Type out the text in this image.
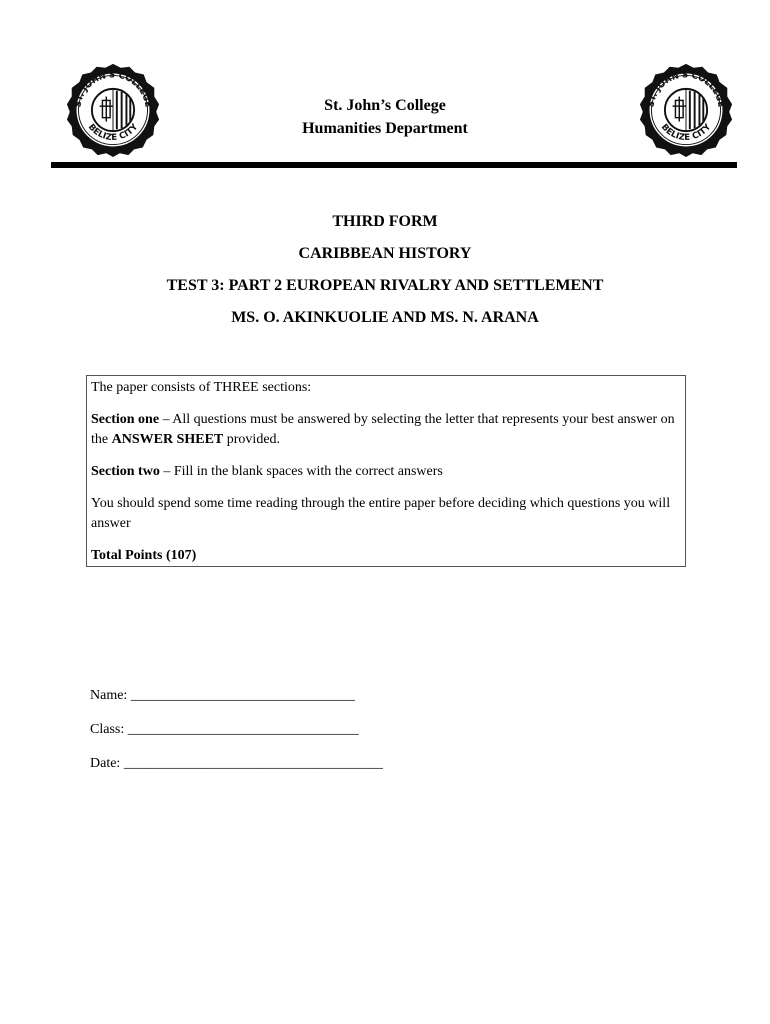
ST. JOHN'S COLLEGE
BELIZE CITY
ST. JOHN'S COLLEGE
BELIZE CITY
St. John’s College
Humanities Department
THIRD FORM
CARIBBEAN HISTORY
TEST 3: PART 2 EUROPEAN RIVALRY AND SETTLEMENT
MS. O. AKINKUOLIE AND MS. N. ARANA

The paper consists of THREE sections:

Section one – All questions must be answered by selecting the letter that represents your best answer on the ANSWER SHEET provided.

Section two – Fill in the blank spaces with the correct answers

You should spend some time reading through the entire paper before deciding which questions you will answer

Total Points (107)

Name: ________________________________
Class: _________________________________
Date: _____________________________________
